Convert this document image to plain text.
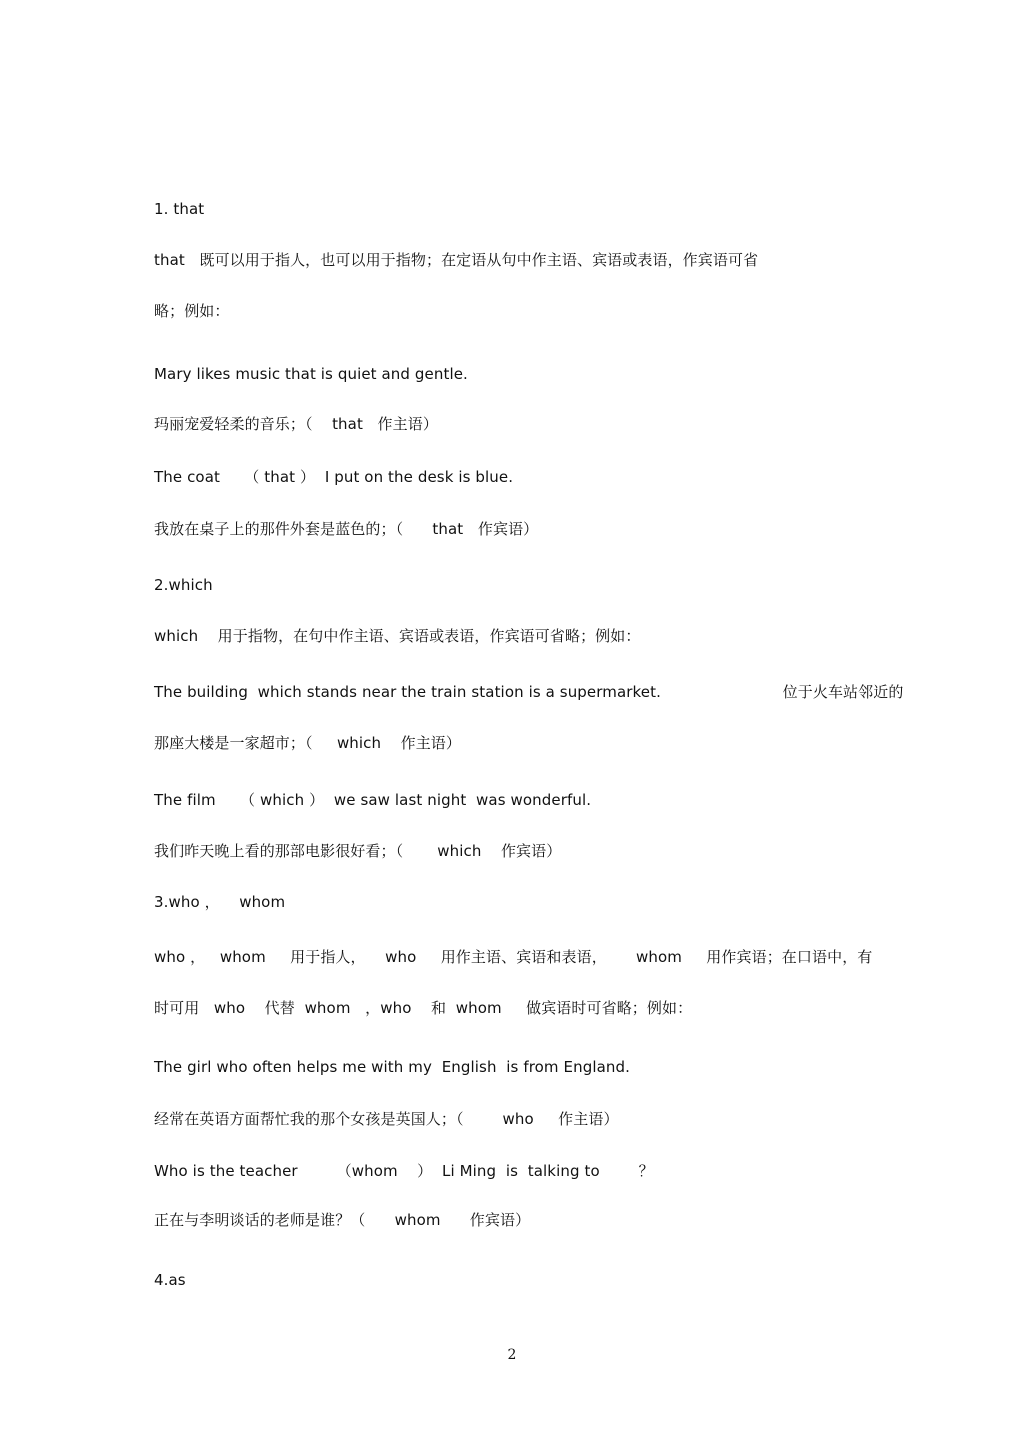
1. that
that   既可以用于指人，也可以用于指物；在定语从句中作主语、宾语或表语，作宾语可省
略；例如：
Mary likes music that is quiet and gentle.
玛丽宠爱轻柔的音乐；（    that   作主语）
The coat     （ that ）  I put on the desk is blue.
我放在桌子上的那件外套是蓝色的；（      that   作宾语）
2.which
which    用于指物，在句中作主语、宾语或表语，作宾语可省略；例如：
The building  which stands near the train station is a supermarket.                         位于火车站邻近的
那座大楼是一家超市；（     which    作主语）
The film     （ which ）  we saw last night  was wonderful.
我们昨天晚上看的那部电影很好看；（       which    作宾语）
3.who ，    whom
who ，   whom     用于指人，    who     用作主语、宾语和表语，      whom     用作宾语；在口语中，有
时可用   who    代替  whom   ，who    和  whom     做宾语时可省略；例如：
The girl who often helps me with my  English  is from England.
经常在英语方面帮忙我的那个女孩是英国人；（        who     作主语）
Who is the teacher        （whom    ）  Li Ming  is  talking to        ？
正在与李明谈话的老师是谁？（      whom      作宾语）
4.as
2
